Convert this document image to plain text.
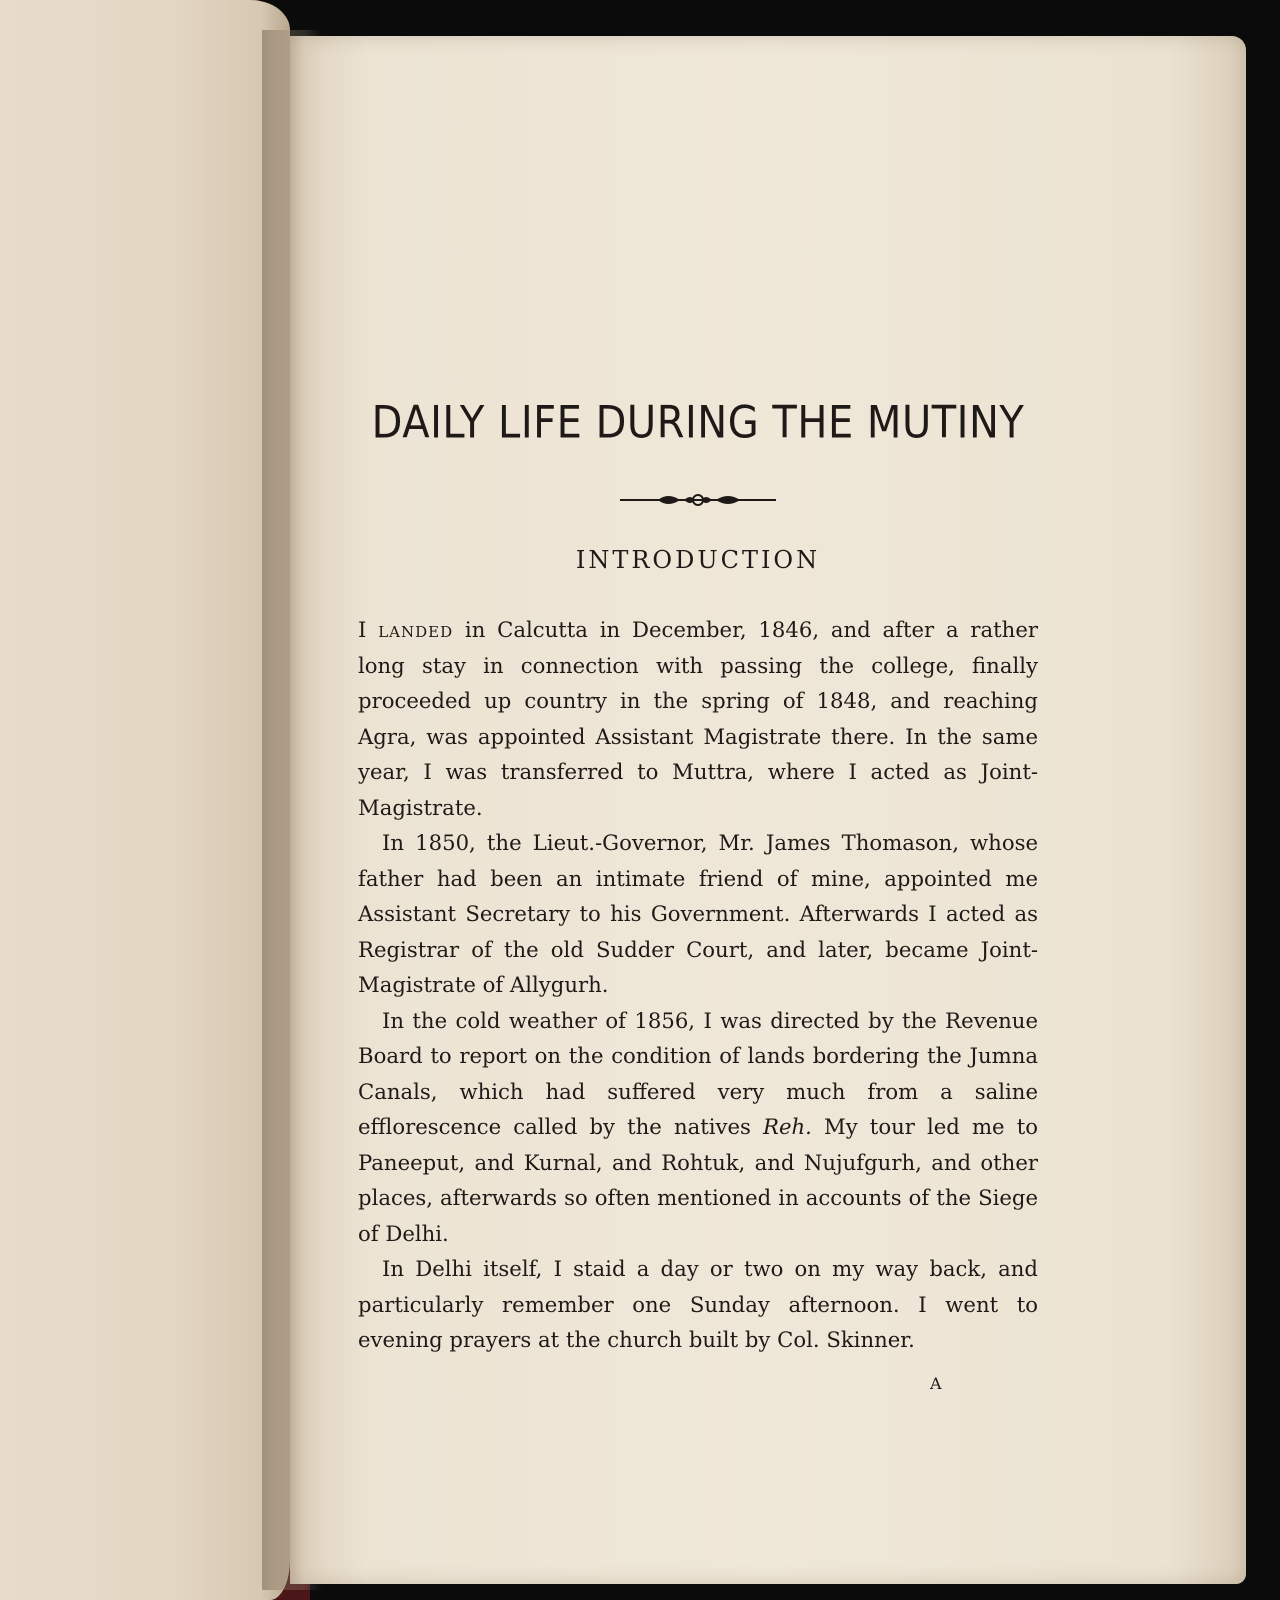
DAILY LIFE DURING THE MUTINY
INTRODUCTION

I landed in Calcutta in December, 1846, and after a rather long stay in connection with passing the college, finally proceeded up country in the spring of 1848, and reaching Agra, was appointed Assistant Magistrate there. In the same year, I was transferred to Muttra, where I acted as Joint-Magistrate.

In 1850, the Lieut.-Governor, Mr. James Thomason, whose father had been an intimate friend of mine, appointed me Assistant Secretary to his Government. Afterwards I acted as Registrar of the old Sudder Court, and later, became Joint-Magistrate of Allygurh.

In the cold weather of 1856, I was directed by the Revenue Board to report on the condition of lands bordering the Jumna Canals, which had suffered very much from a saline efflorescence called by the natives Reh. My tour led me to Paneeput, and Kurnal, and Rohtuk, and Nujufgurh, and other places, afterwards so often mentioned in accounts of the Siege of Delhi.

In Delhi itself, I staid a day or two on my way back, and particularly remember one Sunday afternoon. I went to evening prayers at the church built by Col. Skinner.

A
